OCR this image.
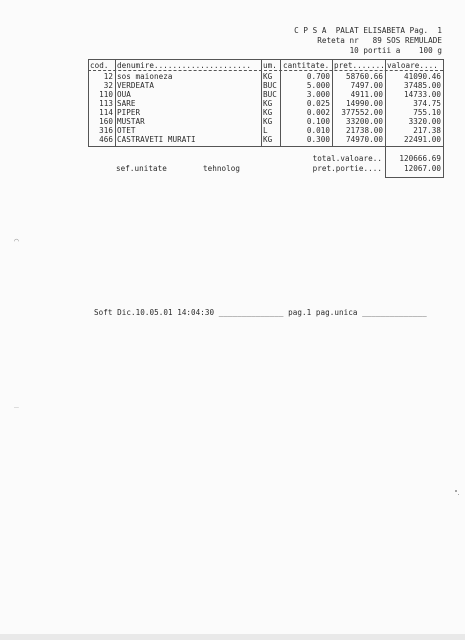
C P S A  PALAT ELISABETA Pag.  1
Reteta nr   89 SOS REMULADE
10 portii a    100 g
cod. denumire..................... um. cantitate. pret....... valoare....
12 sos maioneza	KG	0.700	58760.66	41090.46
32 VERDEATA	BUC	5.000	7497.00	37485.00
110 OUA	BUC	3.000	4911.00	14733.00
113 SARE	KG	0.025	14990.00	374.75
114 PIPER	KG	0.002	377552.00	755.10
160 MUSTAR	KG	0.100	33200.00	3320.00
316 OTET	L	0.010	21738.00	217.38
466 CASTRAVETI MURATI	KG	0.300	74970.00	22491.00
total.valoare..	120666.69
pret.portie....	12067.00
sef.unitate	tehnolog
Soft Dic.10.05.01 14:04:30 ______________ pag.1 pag.unica ______________
⌒
‾
